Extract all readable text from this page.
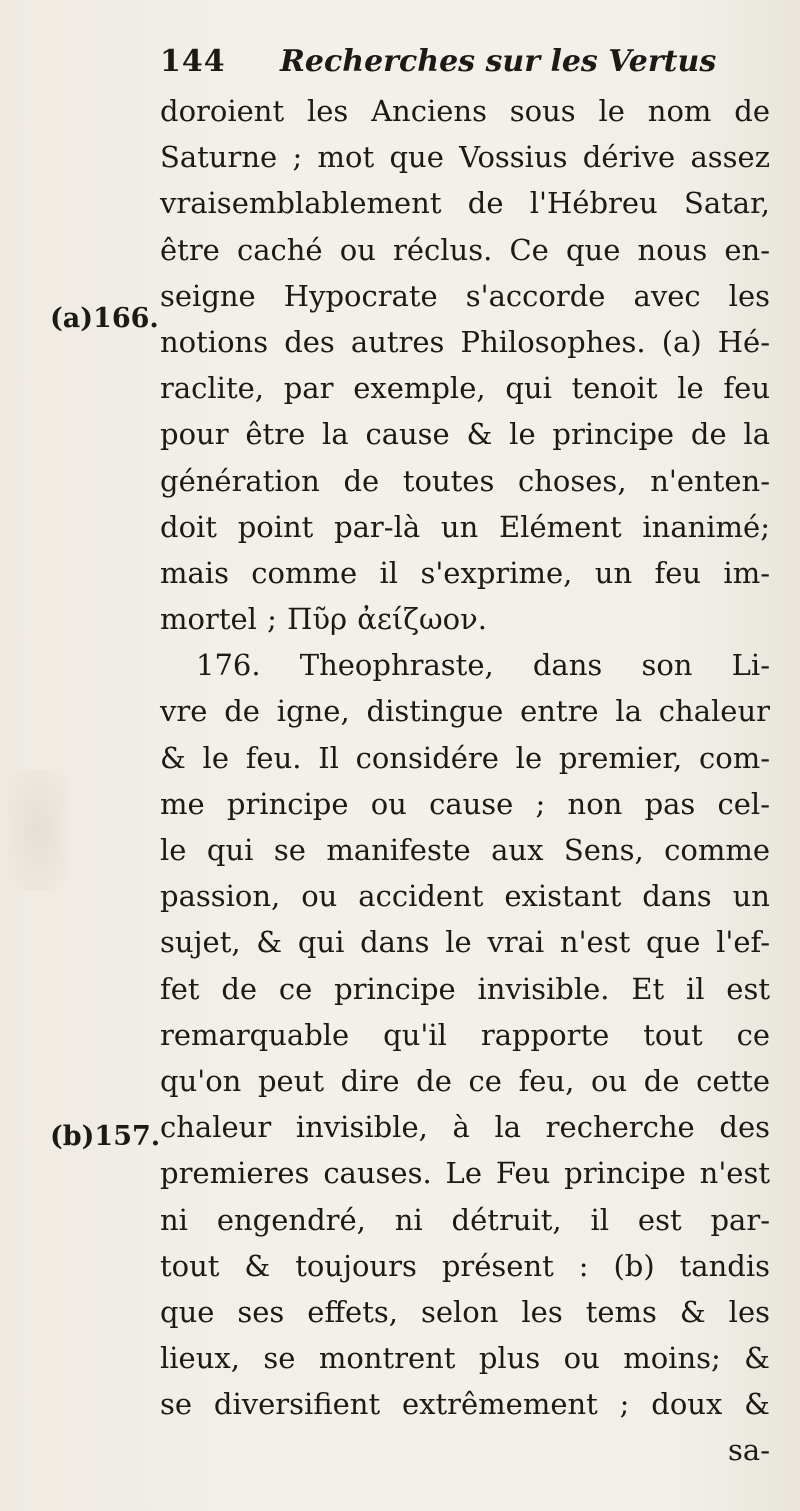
144 Recherches sur les Vertus
(a)166.
(b)157.
doroient les Anciens sous le nom de
Saturne ; mot que Vossius dérive assez
vraisemblablement de l'Hébreu Satar,
être caché ou réclus. Ce que nous en-
seigne Hypocrate s'accorde avec les
notions des autres Philosophes. (a) Hé-
raclite, par exemple, qui tenoit le feu
pour être la cause & le principe de la
génération de toutes choses, n'enten-
doit point par-là un Elément inanimé;
mais comme il s'exprime, un feu im-
mortel ; Πῦρ ἀείζωον.
176. Theophraste, dans son Li-
vre de igne, distingue entre la chaleur
& le feu. Il considére le premier, com-
me principe ou cause ; non pas cel-
le qui se manifeste aux Sens, comme
passion, ou accident existant dans un
sujet, & qui dans le vrai n'est que l'ef-
fet de ce principe invisible. Et il est
remarquable qu'il rapporte tout ce
qu'on peut dire de ce feu, ou de cette
chaleur invisible, à la recherche des
premieres causes. Le Feu principe n'est
ni engendré, ni détruit, il est par-
tout & toujours présent : (b) tandis
que ses effets, selon les tems & les
lieux, se montrent plus ou moins; &
se diversifient extrêmement ; doux &
sa-
